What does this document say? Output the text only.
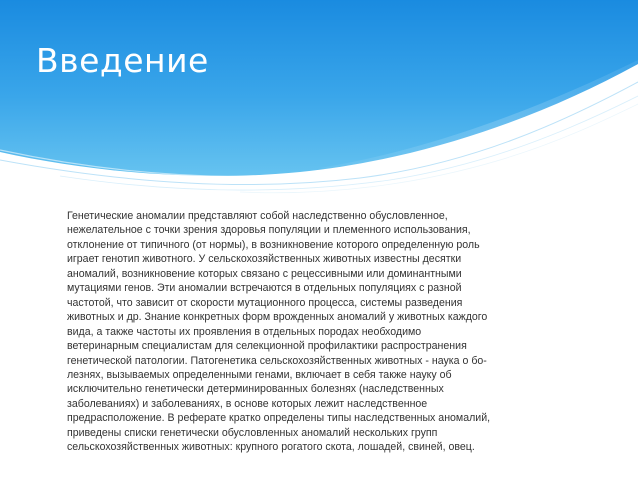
Введение

Генетические аномалии представляют собой наследственно обусловленное,
нежелательное с точки зрения здоровья популяции и племенного использования,
отклонение от типичного (от нормы), в возникновение которого определенную роль
играет генотип животного. У сельскохозяйственных животных известны десятки
аномалий, возникновение которых связано с рецессивными или доминантными
мутациями генов. Эти аномалии встречаются в отдельных популяциях с разной
частотой, что зависит от скорости мутационного процесса, системы разведения
животных и др. Знание конкретных форм врожденных аномалий у животных каждого
вида, а также частоты их проявления в отдельных породах необходимо
ветеринарным специалистам для селекционной профилактики распространения
генетической патологии. Патогенетика сельскохозяйственных животных - наука о бо-
лезнях, вызываемых определенными генами, включает в себя также науку об
исключительно генетически детерминированных болезнях (наследственных
заболеваниях) и заболеваниях, в основе которых лежит наследственное
предрасположение. В реферате кратко определены типы наследственных аномалий,
приведены списки генетически обусловленных аномалий нескольких групп
сельскохозяйственных животных: крупного рогатого скота, лошадей, свиней, овец.
